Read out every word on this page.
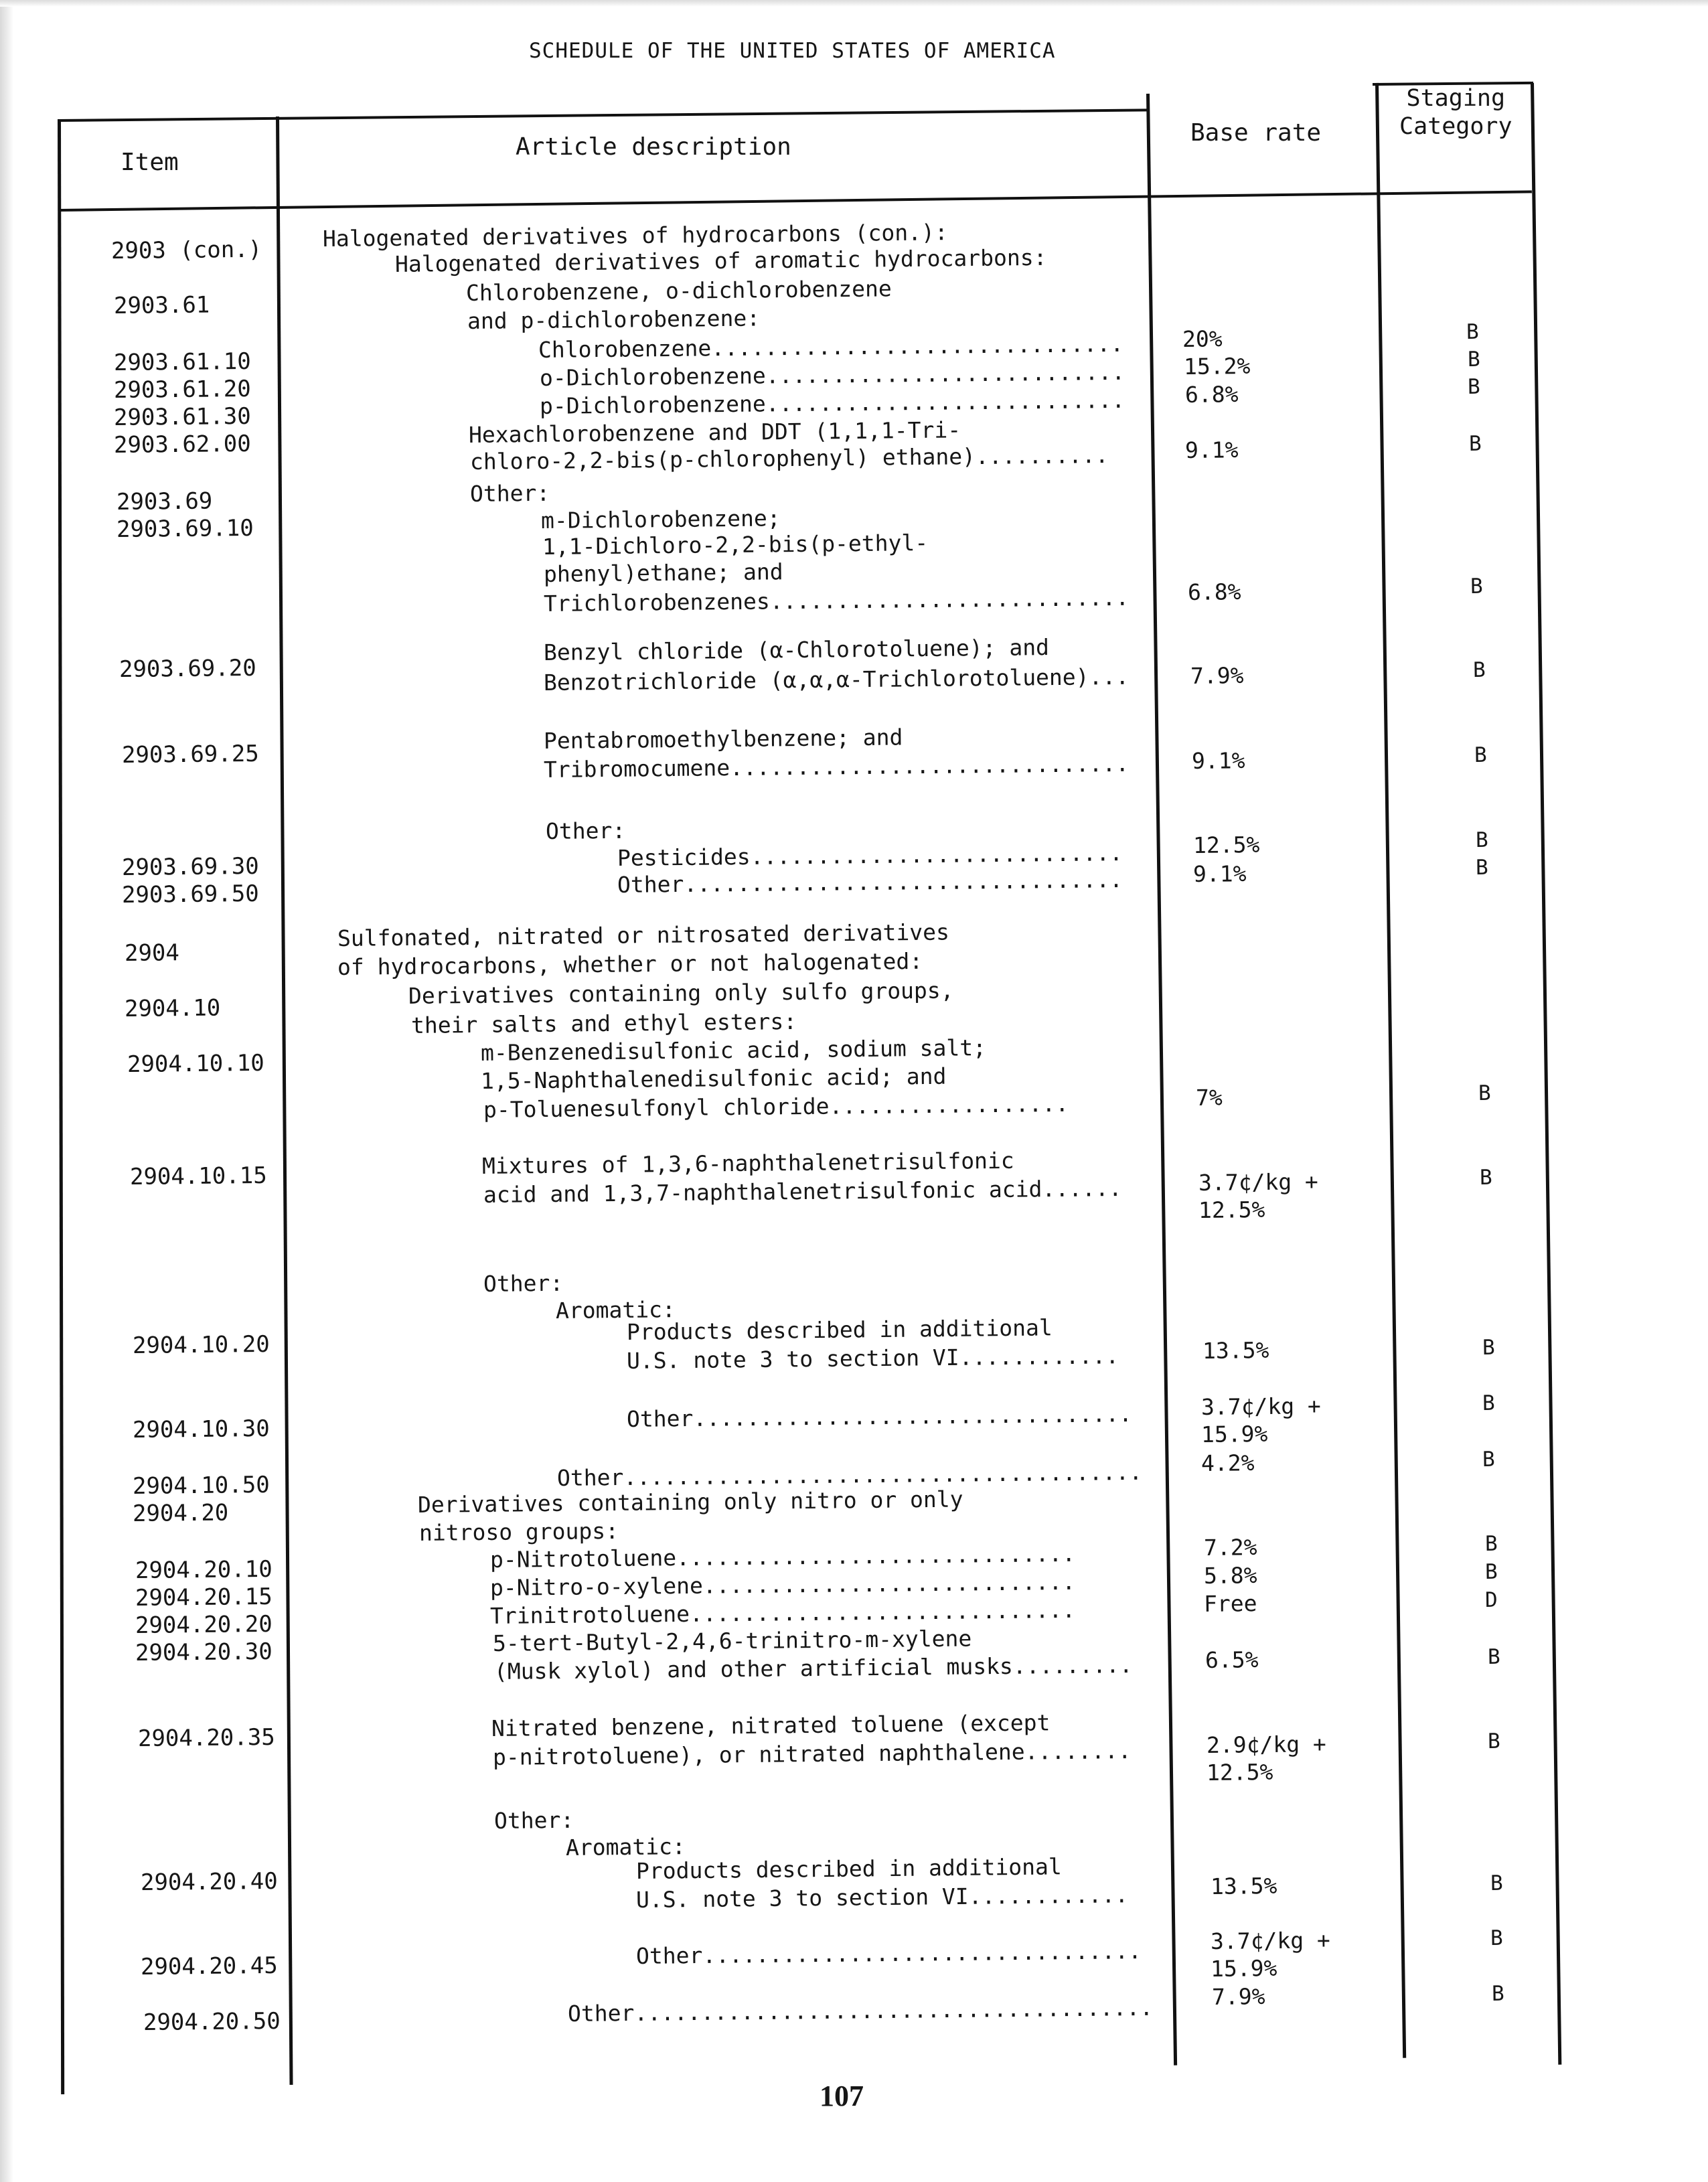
SCHEDULE OF THE UNITED STATES OF AMERICA
Item
Article description
Base rate
Staging
Category
2903 (con.)
2903.61
2903.61.10
2903.61.20
2903.61.30
2903.62.00
2903.69
2903.69.10
2903.69.20
2903.69.25
2903.69.30
2903.69.50
2904
2904.10
2904.10.10
2904.10.15
2904.10.20
2904.10.30
2904.10.50
2904.20
2904.20.10
2904.20.15
2904.20.20
2904.20.30
2904.20.35
2904.20.40
2904.20.45
2904.20.50
Halogenated derivatives of hydrocarbons (con.):
Halogenated derivatives of aromatic hydrocarbons:
Chlorobenzene, o-dichlorobenzene
and p-dichlorobenzene:
Chlorobenzene...............................
o-Dichlorobenzene...........................
p-Dichlorobenzene...........................
Hexachlorobenzene and DDT (1,1,1-Tri-
chloro-2,2-bis(p-chlorophenyl) ethane)..........
Other:
m-Dichlorobenzene;
1,1-Dichloro-2,2-bis(p-ethyl-
phenyl)ethane; and
Trichlorobenzenes...........................
Benzyl chloride (α-Chlorotoluene); and
Benzotrichloride (α,α,α-Trichlorotoluene)...
Pentabromoethylbenzene; and
Tribromocumene..............................
Other:
Pesticides............................
Other.................................
Sulfonated, nitrated or nitrosated derivatives
of hydrocarbons, whether or not halogenated:
Derivatives containing only sulfo groups,
their salts and ethyl esters:
m-Benzenedisulfonic acid, sodium salt;
1,5-Naphthalenedisulfonic acid; and
p-Toluenesulfonyl chloride..................
Mixtures of 1,3,6-naphthalenetrisulfonic
acid and 1,3,7-naphthalenetrisulfonic acid......
Other:
Aromatic:
Products described in additional
U.S. note 3 to section VI............
Other.................................
Other.......................................
Derivatives containing only nitro or only
nitroso groups:
p-Nitrotoluene..............................
p-Nitro-o-xylene............................
Trinitrotoluene.............................
5-tert-Butyl-2,4,6-trinitro-m-xylene
(Musk xylol) and other artificial musks.........
Nitrated benzene, nitrated toluene (except
p-nitrotoluene), or nitrated naphthalene........
Other:
Aromatic:
Products described in additional
U.S. note 3 to section VI............
Other.................................
Other.......................................
20%
15.2%
6.8%
9.1%
6.8%
7.9%
9.1%
12.5%
9.1%
7%
3.7¢/kg +
12.5%
13.5%
3.7¢/kg +
15.9%
4.2%
7.2%
5.8%
Free
6.5%
2.9¢/kg +
12.5%
13.5%
3.7¢/kg +
15.9%
7.9%
B
B
B
B
B
B
B
B
B
B
B
B
B
B
B
B
D
B
B
B
B
B
107
